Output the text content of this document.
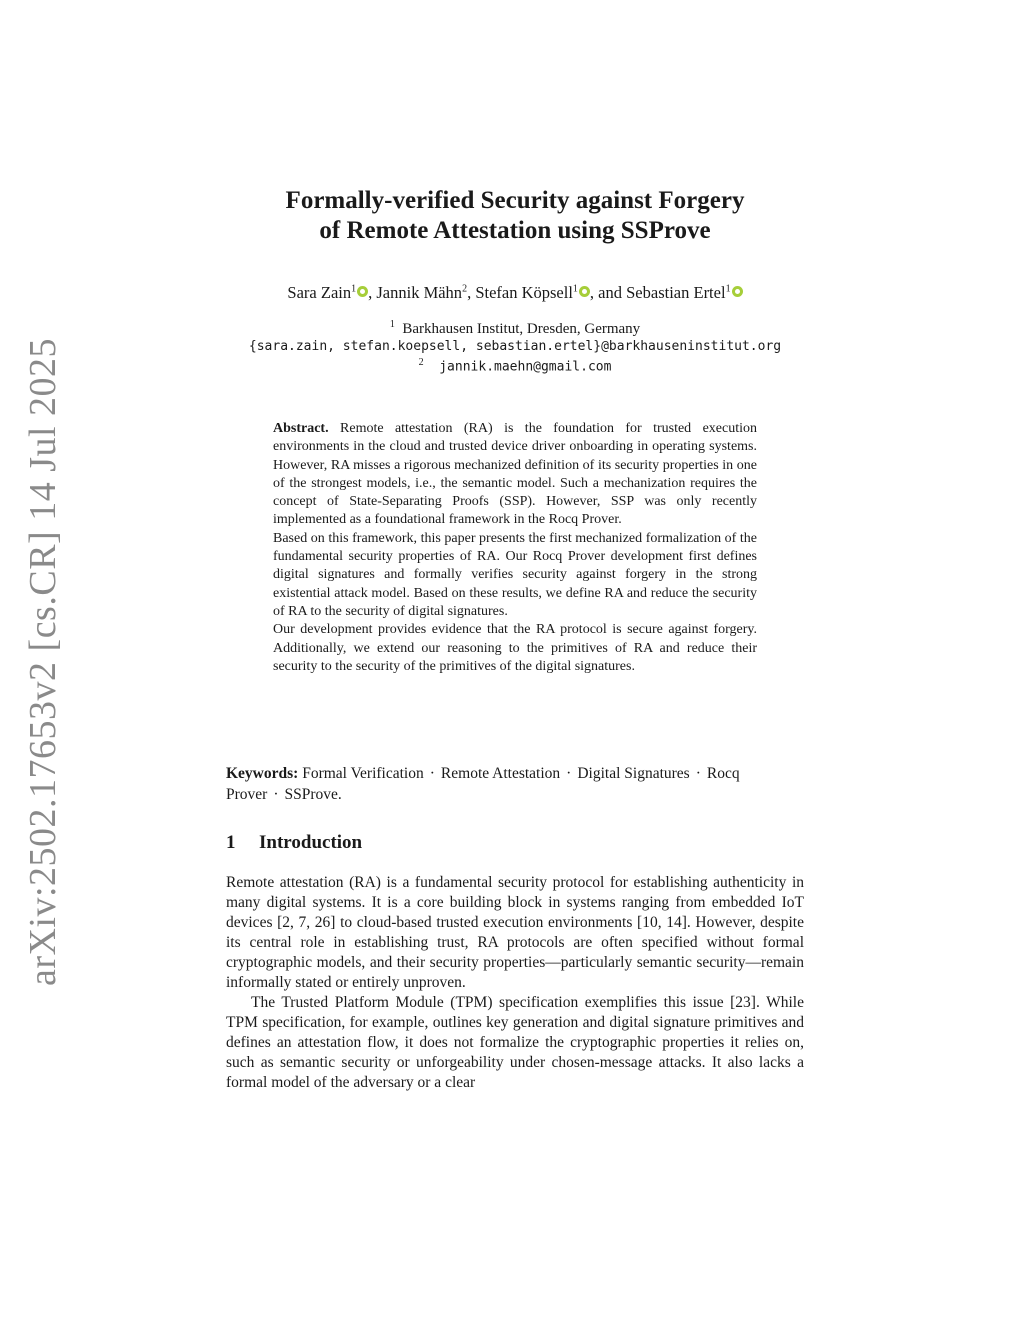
arXiv:2502.17653v2 [cs.CR] 14 Jul 2025
Formally-verified Security against Forgery
of Remote Attestation using SSProve
Sara Zain$^1$ , Jannik Mähn$^2$, Stefan Köpsell$^1$ , and Sebastian Ertel$^1$
$^1$ Barkhausen Institut, Dresden, Germany
{sara.zain, stefan.koepsell, sebastian.ertel}@barkhauseninstitut.org
$^2$ jannik.maehn@gmail.com

Abstract. Remote attestation (RA) is the foundation for trusted execution environments in the cloud and trusted device driver onboarding in operating systems. However, RA misses a rigorous mechanized definition of its security properties in one of the strongest models, i.e., the semantic model. Such a mechanization requires the concept of State-Separating Proofs (SSP). However, SSP was only recently implemented as a foundational framework in the Rocq Prover.

Based on this framework, this paper presents the first mechanized formalization of the fundamental security properties of RA. Our Rocq Prover development first defines digital signatures and formally verifies security against forgery in the strong existential attack model. Based on these results, we define RA and reduce the security of RA to the security of digital signatures.

Our development provides evidence that the RA protocol is secure against forgery. Additionally, we extend our reasoning to the primitives of RA and reduce their security to the security of the primitives of the digital signatures.

Keywords: Formal Verification · Remote Attestation · Digital Signatures · Rocq Prover · SSProve.
1 Introduction

Remote attestation (RA) is a fundamental security protocol for establishing authenticity in many digital systems. It is a core building block in systems ranging from embedded IoT devices [2, 7, 26] to cloud-based trusted execution environments [10, 14]. However, despite its central role in establishing trust, RA protocols are often specified without formal cryptographic models, and their security properties—particularly semantic security—remain informally stated or entirely unproven.

The Trusted Platform Module (TPM) specification exemplifies this issue [23]. While TPM specification, for example, outlines key generation and digital signature primitives and defines an attestation flow, it does not formalize the cryptographic properties it relies on, such as semantic security or unforgeability under chosen-message attacks. It also lacks a formal model of the adversary or a clear
